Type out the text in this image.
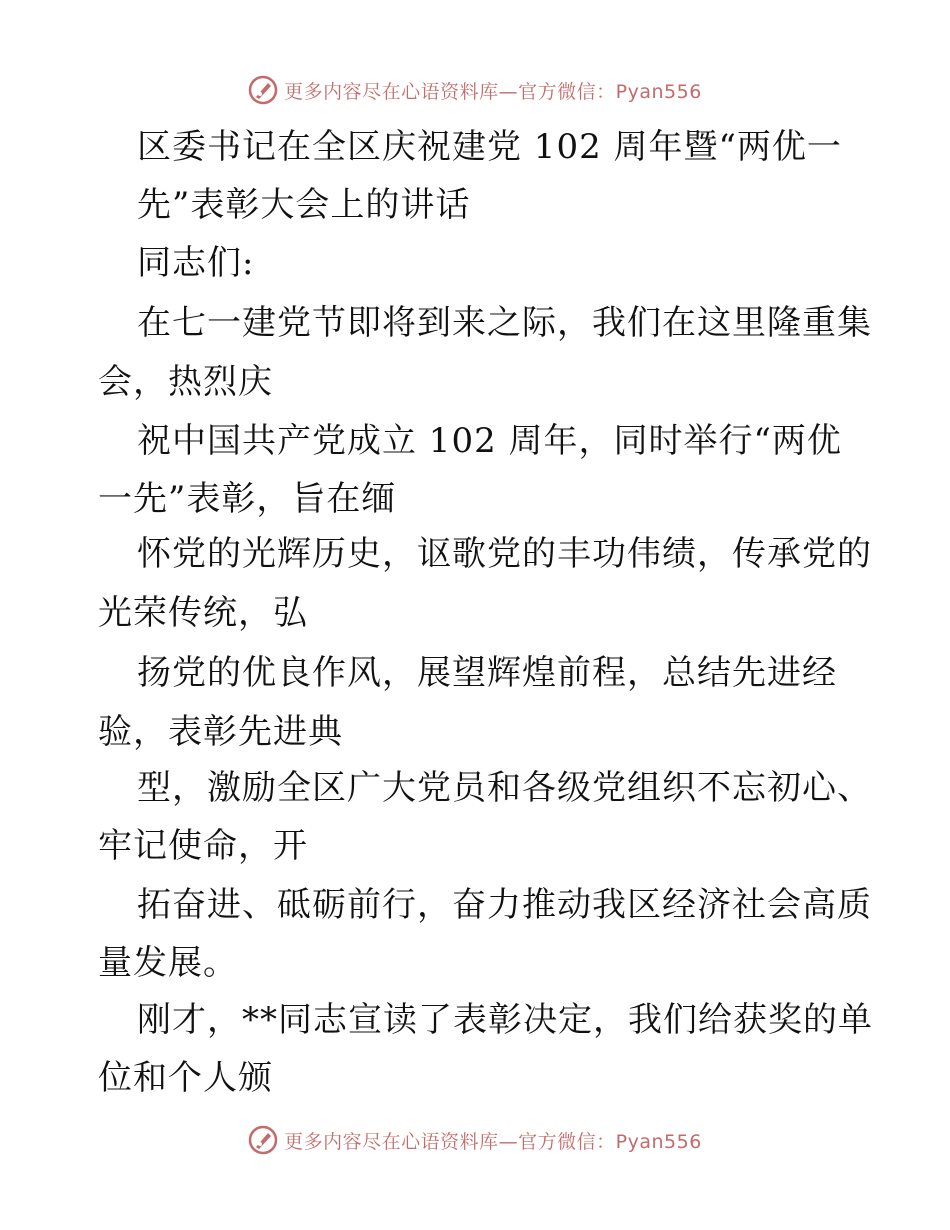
更多内容尽在心语资料库—官方微信：Pyan556
区委书记在全区庆祝建党 102 周年暨“两优一
先”表彰大会上的讲话
同志们:
在七一建党节即将到来之际，我们在这里隆重集
会，热烈庆
祝中国共产党成立 102 周年，同时举行“两优
一先”表彰，旨在缅
怀党的光辉历史，讴歌党的丰功伟绩，传承党的
光荣传统，弘
扬党的优良作风，展望辉煌前程，总结先进经
验，表彰先进典
型，激励全区广大党员和各级党组织不忘初心、
牢记使命，开
拓奋进、砥砺前行，奋力推动我区经济社会高质
量发展。
刚才，**同志宣读了表彰决定，我们给获奖的单
位和个人颁
更多内容尽在心语资料库—官方微信：Pyan556
